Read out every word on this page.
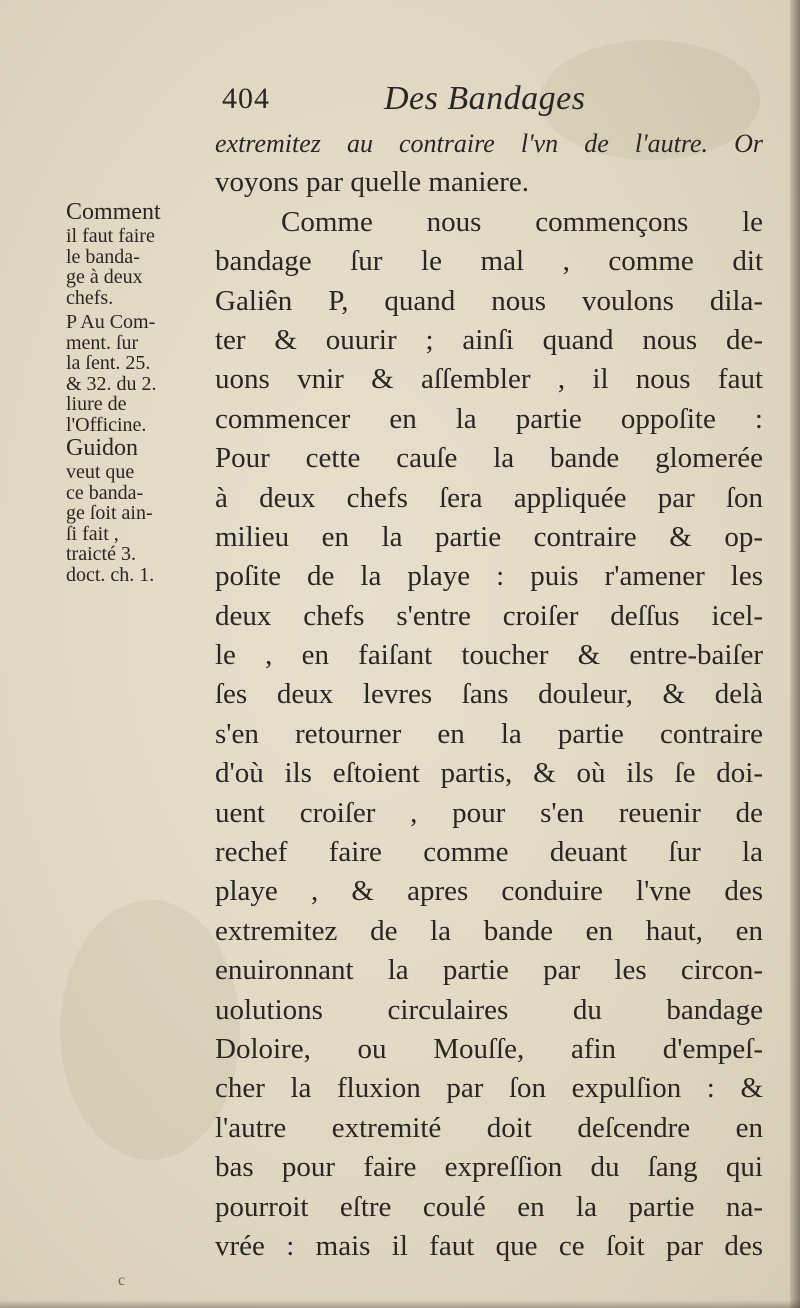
404	Des Bandages
extremitez au contraire l'vn de l'autre. Or
voyons par quelle maniere.
Comme nous commençons le
bandage ſur le mal , comme dit
Galiên P, quand nous voulons dila-
ter & ouurir ; ainſi quand nous de-
uons vnir & aſſembler , il nous faut
commencer en la partie oppoſite :
Pour cette cauſe la bande glomerée
à deux chefs ſera appliquée par ſon
milieu en la partie contraire & op-
poſite de la playe : puis r'amener les
deux chefs s'entre croiſer deſſus icel-
le , en faiſant toucher & entre-baiſer
ſes deux levres ſans douleur, & delà
s'en retourner en la partie contraire
d'où ils eſtoient partis, & où ils ſe doi-
uent croiſer , pour s'en reuenir de
rechef faire comme deuant ſur la
playe , & apres conduire l'vne des
extremitez de la bande en haut, en
enuironnant la partie par les circon-
uolutions circulaires du bandage
Doloire, ou Mouſſe, afin d'empeſ-
cher la fluxion par ſon expulſion : &
l'autre extremité doit deſcendre en
bas pour faire expreſſion du ſang qui
pourroit eſtre coulé en la partie na-
vrée : mais il faut que ce ſoit par des
Comment
il faut faire
le banda-
ge à deux
chefs.
P Au Com-
ment. ſur
la ſent. 25.
& 32. du 2.
liure de
l'Officine.
Guidon
veut que
ce banda-
ge ſoit ain-
ſi fait ,
traicté 3.
doct. ch. 1.
c
